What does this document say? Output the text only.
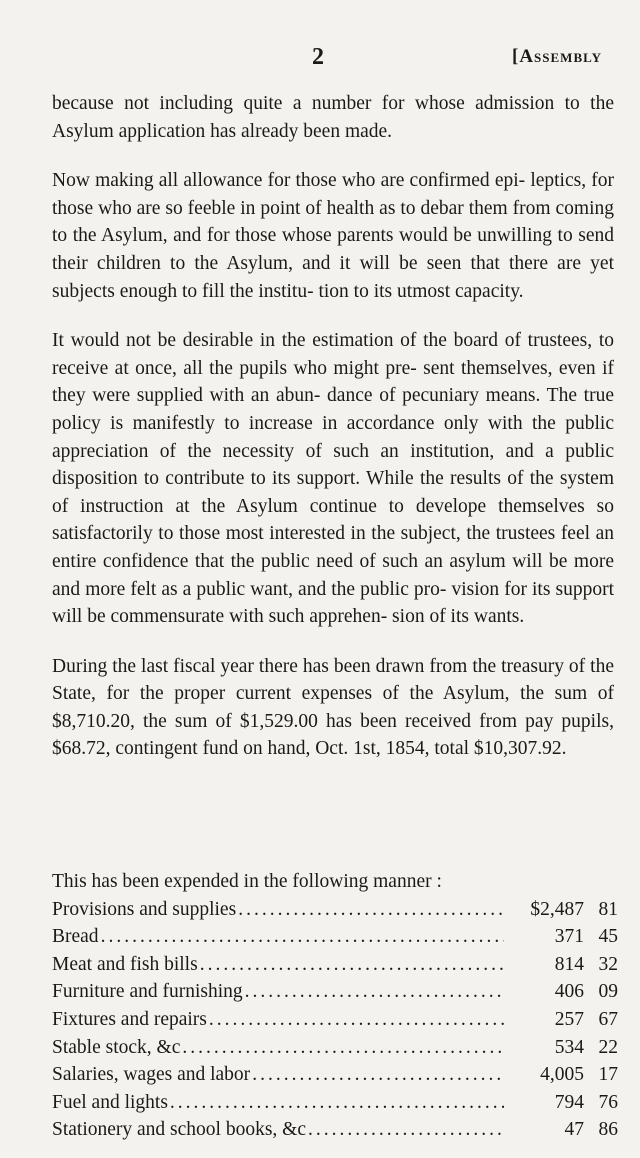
2	[Assembly

because not including quite a number for whose admission to the Asylum application has already been made.

Now making all allowance for those who are confirmed epi- leptics, for those who are so feeble in point of health as to debar them from coming to the Asylum, and for those whose parents would be unwilling to send their children to the Asylum, and it will be seen that there are yet subjects enough to fill the institu- tion to its utmost capacity.

It would not be desirable in the estimation of the board of trustees, to receive at once, all the pupils who might pre- sent themselves, even if they were supplied with an abun- dance of pecuniary means. The true policy is manifestly to increase in accordance only with the public appreciation of the necessity of such an institution, and a public disposition to contribute to its support. While the results of the system of instruction at the Asylum continue to develope themselves so satisfactorily to those most interested in the subject, the trustees feel an entire confidence that the public need of such an asylum will be more and more felt as a public want, and the public pro- vision for its support will be commensurate with such apprehen- sion of its wants.

During the last fiscal year there has been drawn from the treasury of the State, for the proper current expenses of the Asylum, the sum of $8,710.20, the sum of $1,529.00 has been received from pay pupils, $68.72, contingent fund on hand, Oct. 1st, 1854, total $10,307.92.

This has been expended in the following manner :
Provisions and supplies .....	$2,487 81
Bread .....	371 45
Meat and fish bills .....	814 32
Furniture and furnishing .....	406 09
Fixtures and repairs .....	257 67
Stable stock, &c .....	534 22
Salaries, wages and labor .....	4,005 17
Fuel and lights .....	794 76
Stationery and school books, &c .....	47 86
